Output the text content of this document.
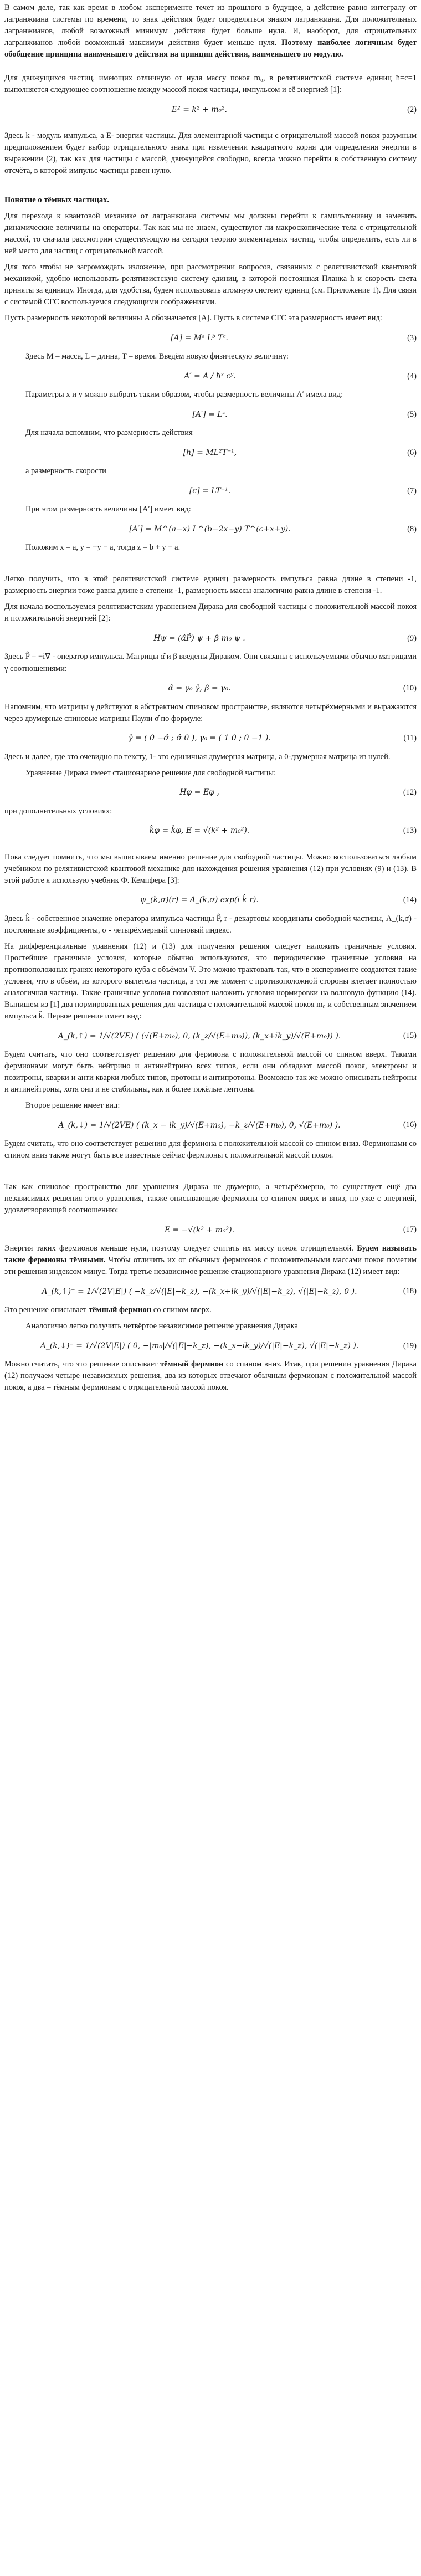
В самом деле, так как время в любом эксперименте течет из прошлого в будущее, а действие равно интегралу от лагранжиана системы по времени, то знак действия будет определяться знаком лагранжиана. Для положительных лагранжианов, любой возможный минимум действия будет больше нуля. И, наоборот, для отрицательных лагранжианов любой возможный максимум действия будет меньше нуля. Поэтому наиболее логичным будет обобщение принципа наименьшего действия на принцип действия, наименьшего по модулю.

Для движущихся частиц, имеющих отличную от нуля массу покоя m₀, в релятивистской системе единиц ħ=c=1 выполняется следующее соотношение между массой покоя частицы, импульсом и её энергией [1]:

E² = k² + m₀².	(2)

Здесь k - модуль импульса, а E- энергия частицы. Для элементарной частицы с отрицательной массой покоя разумным предположением будет выбор отрицательного знака при извлечении квадратного корня для определения энергии в выражении (2), так как для частицы с массой, движущейся свободно, всегда можно перейти в собственную систему отсчёта, в которой импульс частицы равен нулю.

Понятие о тёмных частицах.

Для перехода к квантовой механике от лагранжиана системы мы должны перейти к гамильтониану и заменить динамические величины на операторы. Так как мы не знаем, существуют ли макроскопические тела с отрицательной массой, то сначала рассмотрим существующую на сегодня теорию элементарных частиц, чтобы определить, есть ли в ней место для частиц с отрицательной массой.

Для того чтобы не загромождать изложение, при рассмотрении вопросов, связанных с релятивистской квантовой механикой, удобно использовать релятивистскую систему единиц, в которой постоянная Планка ħ и скорость света приняты за единицу. Иногда, для удобства, будем использовать атомную систему единиц (см. Приложение 1). Для связи с системой СГС воспользуемся следующими соображениями.

Пусть размерность некоторой величины A обозначается [A]. Пусть в системе СГС эта размерность имеет вид:

[A] = Mᵃ Lᵇ Tᶜ.	(3)

Здесь M – масса, L – длина, T – время. Введём новую физическую величину:

A′ = A / ħˣ cʸ.	(4)

Параметры x и y можно выбрать таким образом, чтобы размерность величины A′ имела вид:

[A′] = Lᶻ.	(5)

Для начала вспомним, что размерность действия

[ħ] = ML²T⁻¹,	(6)

а размерность скорости

[c] = LT⁻¹.	(7)

При этом размерность величины [A′] имеет вид:

[A′] = M^(a−x) L^(b−2x−y) T^(c+x+y).	(8)

Положим x = a, y = −y − a, тогда z = b + y − a.

Легко получить, что в этой релятивистской системе единиц размерность импульса равна длине в степени -1, размерность энергии тоже равна длине в степени -1, размерность массы аналогично равна длине в степени -1.

Для начала воспользуемся релятивистским уравнением Дирака для свободной частицы с положительной массой покоя и положительной энергией [2]:

Hψ = (α̂P̂) ψ + β m₀ ψ .	(9)

Здесь P̂ = −i∇ - оператор импульса. Матрицы α̂ и β введены Дираком. Они связаны с используемыми обычно матрицами γ соотношениями:

α̂ = γ₀ γ̂, β = γ₀.	(10)

Напомним, что матрицы γ действуют в абстрактном спиновом пространстве, являются четырёхмерными и выражаются через двумерные спиновые матрицы Паули σ̂ по формуле:

γ̂ = ( 0 −σ̂ ; σ̂ 0 ), γ₀ = ( 1 0 ; 0 −1 ).	(11)

Здесь и далее, где это очевидно по тексту, 1- это единичная двумерная матрица, а 0-двумерная матрица из нулей.

Уравнение Дирака имеет стационарное решение для свободной частицы:

Hφ = Eφ ,	(12)

при дополнительных условиях:

k̂φ = k̂φ, E = √(k² + m₀²).	(13)

Пока следует помнить, что мы выписываем именно решение для свободной частицы. Можно воспользоваться любым учебником по релятивистской квантовой механике для нахождения решения уравнения (12) при условиях (9) и (13). В этой работе я использую учебник Ф. Кемпфера [3]:

ψ_(k,σ)(r) = A_(k,σ) exp(i k̂ r).	(14)

Здесь k̂ - собственное значение оператора импульса частицы P̂, r - декартовы координаты свободной частицы, A_(k,σ) - постоянные коэффициенты, σ - четырёхмерный спиновый индекс.

На дифференциальные уравнения (12) и (13) для получения решения следует наложить граничные условия. Простейшие граничные условия, которые обычно используются, это периодические граничные условия на противоположных гранях некоторого куба с объёмом V. Это можно трактовать так, что в эксперименте создаются такие условия, что в объём, из которого вылетела частица, в тот же момент с противоположной стороны влетает полностью аналогичная частица. Такие граничные условия позволяют наложить условия нормировки на волновую функцию (14). Выпишем из [1] два нормированных решения для частицы с положительной массой покоя m₀ и собственным значением импульса k̂. Первое решение имеет вид:

A_(k,↑) = 1/√(2VE) ( (√(E+m₀), 0, (k_z/√(E+m₀)), (k_x+ik_y)/√(E+m₀)) ).	(15)

Будем считать, что оно соответствует решению для фермиона с положительной массой со спином вверх. Такими фермионами могут быть нейтрино и антинейтрино всех типов, если они обладают массой покоя, электроны и позитроны, кварки и анти кварки любых типов, протоны и антипротоны. Возможно так же можно описывать нейтроны и антинейтроны, хотя они и не стабильны, как и более тяжёлые лептоны.

Второе решение имеет вид:

A_(k,↓) = 1/√(2VE) ( (k_x − ik_y)/√(E+m₀), −k_z/√(E+m₀), 0, √(E+m₀) ).	(16)

Будем считать, что оно соответствует решению для фермиона с положительной массой со спином вниз. Фермионами со спином вниз также могут быть все известные сейчас фермионы с положительной массой покоя.

Так как спиновое пространство для уравнения Дирака не двумерно, а четырёхмерно, то существует ещё два независимых решения этого уравнения, также описывающие фермионы со спином вверх и вниз, но уже с энергией, удовлетворяющей соотношению:

E = −√(k² + m₀²).	(17)

Энергия таких фермионов меньше нуля, поэтому следует считать их массу покоя отрицательной. Будем называть такие фермионы тёмными. Чтобы отличить их от обычных фермионов с положительными массами покоя пометим эти решения индексом минус. Тогда третье независимое решение стационарного уравнения Дирака (12) имеет вид:

A_(k,↑)⁻ = 1/√(2V|E|) ( −k_z/√(|E|−k_z), −(k_x+ik_y)/√(|E|−k_z), √(|E|−k_z), 0 ).	(18)

Это решение описывает тёмный фермион со спином вверх.

Аналогично легко получить четвёртое независимое решение уравнения Дирака

A_(k,↓)⁻ = 1/√(2V|E|) ( 0, −|m₀|/√(|E|−k_z), −(k_x−ik_y)/√(|E|−k_z), √(|E|−k_z) ).	(19)

Можно считать, что это решение описывает тёмный фермион со спином вниз. Итак, при решении уравнения Дирака (12) получаем четыре независимых решения, два из которых отвечают обычным фермионам с положительной массой покоя, а два – тёмным фермионам с отрицательной массой покоя.
